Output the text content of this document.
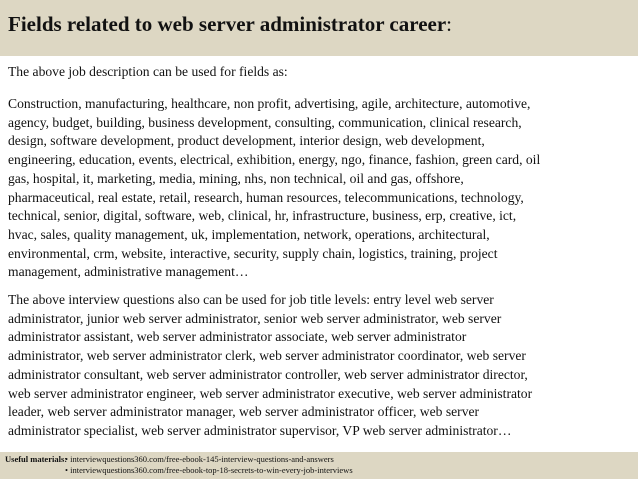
Fields related to web server administrator career:

The above job description can be used for fields as:

Construction, manufacturing, healthcare, non profit, advertising, agile, architecture, automotive,
agency, budget, building, business development, consulting, communication, clinical research,
design, software development, product development, interior design, web development,
engineering, education, events, electrical, exhibition, energy, ngo, finance, fashion, green card, oil
gas, hospital, it, marketing, media, mining, nhs, non technical, oil and gas, offshore,
pharmaceutical, real estate, retail, research, human resources, telecommunications, technology,
technical, senior, digital, software, web, clinical, hr, infrastructure, business, erp, creative, ict,
hvac, sales, quality management, uk, implementation, network, operations, architectural,
environmental, crm, website, interactive, security, supply chain, logistics, training, project
management, administrative management…

The above interview questions also can be used for job title levels: entry level web server
administrator, junior web server administrator, senior web server administrator, web server
administrator assistant, web server administrator associate, web server administrator
administrator, web server administrator clerk, web server administrator coordinator, web server
administrator consultant, web server administrator controller, web server administrator director,
web server administrator engineer, web server administrator executive, web server administrator
leader, web server administrator manager, web server administrator officer, web server
administrator specialist, web server administrator supervisor, VP web server administrator…

Useful materials:
• interviewquestions360.com/free-ebook-145-interview-questions-and-answers
• interviewquestions360.com/free-ebook-top-18-secrets-to-win-every-job-interviews
